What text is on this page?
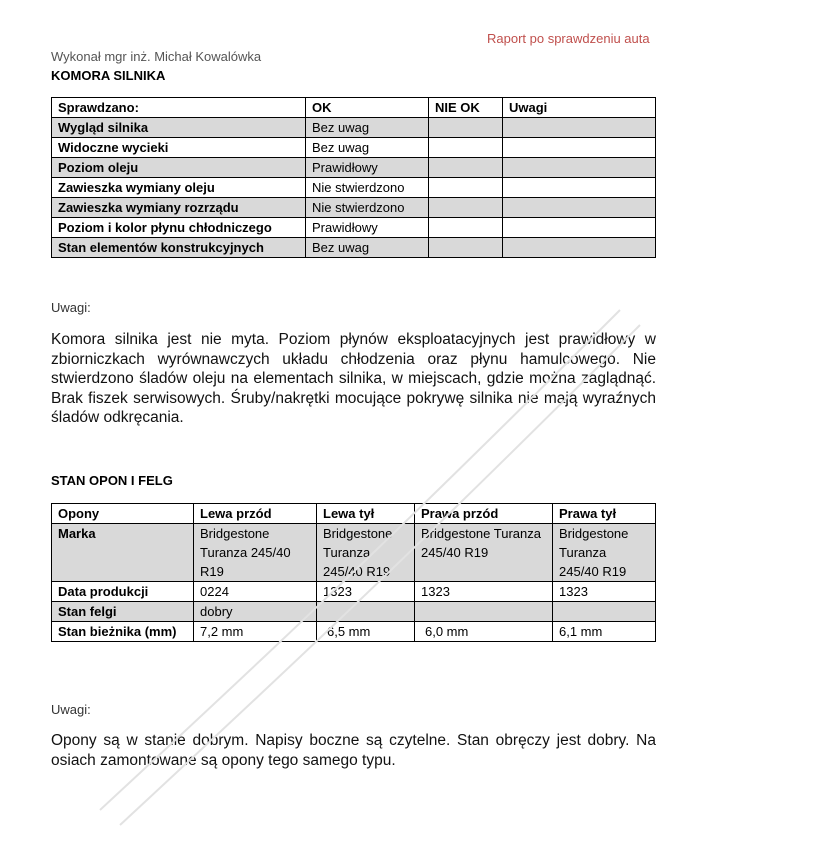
Raport po sprawdzeniu auta
Wykonał mgr inż. Michał Kowalówka
KOMORA SILNIKA
Sprawdzano:	OK	NIE OK	Uwagi
Wygląd silnika	Bez uwag		
Widoczne wycieki	Bez uwag		
Poziom oleju	Prawidłowy		
Zawieszka wymiany oleju	Nie stwierdzono		
Zawieszka wymiany rozrządu	Nie stwierdzono		
Poziom i kolor płynu chłodniczego	Prawidłowy		
Stan elementów konstrukcyjnych	Bez uwag		
Uwagi:
Komora silnika jest nie myta. Poziom płynów eksploatacyjnych jest prawidłowy w zbiorniczkach wyrównawczych układu chłodzenia oraz płynu hamulcowego. Nie stwierdzono śladów oleju na elementach silnika, w miejscach, gdzie można zaglądnąć. Brak fiszek serwisowych. Śruby/nakrętki mocujące pokrywę silnika nie mają wyraźnych śladów odkręcania.
STAN OPON I FELG
Opony	Lewa przód	Lewa tył	Prawa przód	Prawa tył
Marka	Bridgestone Turanza 245/40 R19	Bridgestone Turanza 245/40 R19	Bridgestone Turanza 245/40 R19	Bridgestone Turanza 245/40 R19
Data produkcji	0224	1323	1323	1323
Stan felgi	dobry			
Stan bieżnika (mm)	7,2 mm	6,5 mm	6,0 mm	6,1 mm
Uwagi:
Opony są w stanie dobrym. Napisy boczne są czytelne. Stan obręczy jest dobry. Na osiach zamontowane są opony tego samego typu.
